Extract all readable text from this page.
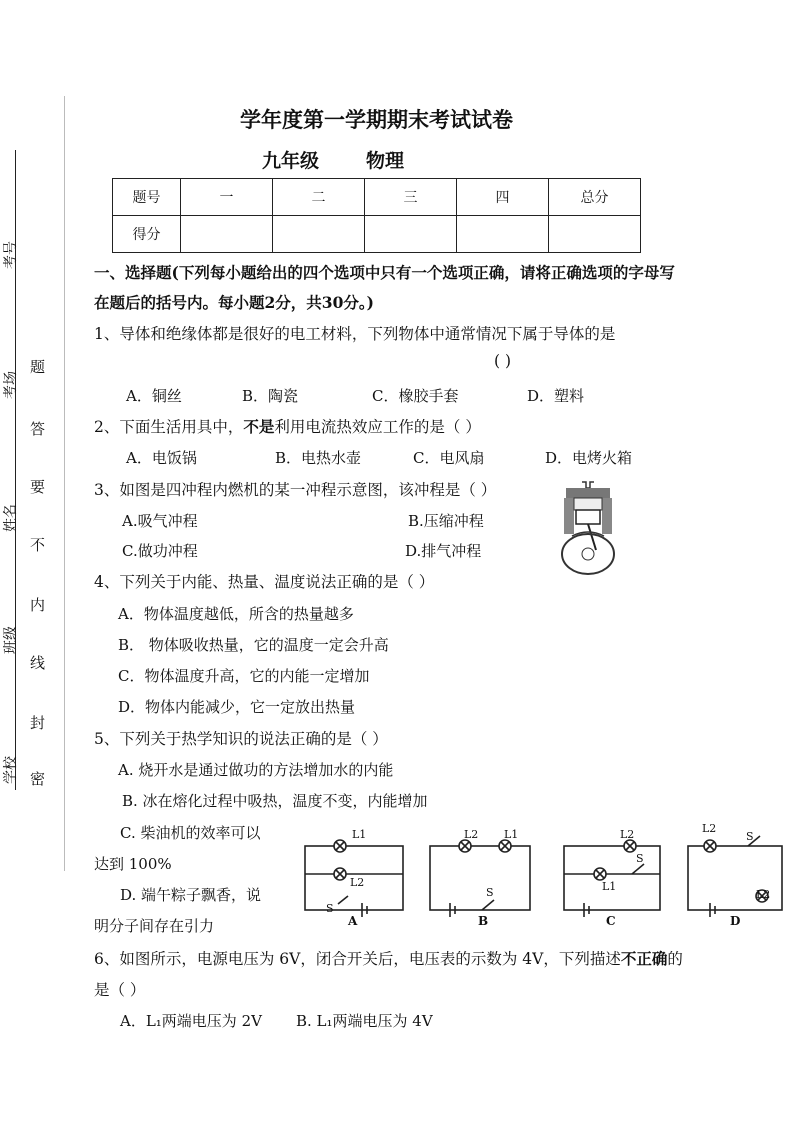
考号
考场
姓名
班级
学校
题
答
要
不
内
线
封
密
学年度第一学期期末考试试卷
九年级 物理
题号	一	二	三	四	总分
得分					
一、选择题(下列每小题给出的四个选项中只有一个选项正确，请将正确选项的字母写
在题后的括号内。每小题2分，共30分。)
1、导体和绝缘体都是很好的电工材料，下列物体中通常情况下属于导体的是
( )
A．铜丝	B．陶瓷	C．橡胶手套	D．塑料
2、下面生活用具中，不是利用电流热效应工作的是（ ）
A．电饭锅	B．电热水壶	C．电风扇	D．电烤火箱
3、如图是四冲程内燃机的某一冲程示意图，该冲程是（ ）
A.吸气冲程	B.压缩冲程
C.做功冲程	D.排气冲程
4、下列关于内能、热量、温度说法正确的是（ ）
A．物体温度越低，所含的热量越多
B． 物体吸收热量，它的温度一定会升高
C．物体温度升高，它的内能一定增加
D．物体内能减少，它一定放出热量
5、下列关于热学知识的说法正确的是（ ）
A. 烧开水是通过做功的方法增加水的内能
B. 冰在熔化过程中吸热，温度不变，内能增加
C. 柴油机的效率可以
达到 100%
D. 端午粽子飘香，说
明分子间存在引力
L1
L2
S
A
L2 L1
S
B
L2
S
L1
C
L2
S
L2
D
6、如图所示，电源电压为 6V，闭合开关后，电压表的示数为 4V，下列描述不正确的
是（ ）
A．L₁两端电压为 2V B. L₁两端电压为 4V
